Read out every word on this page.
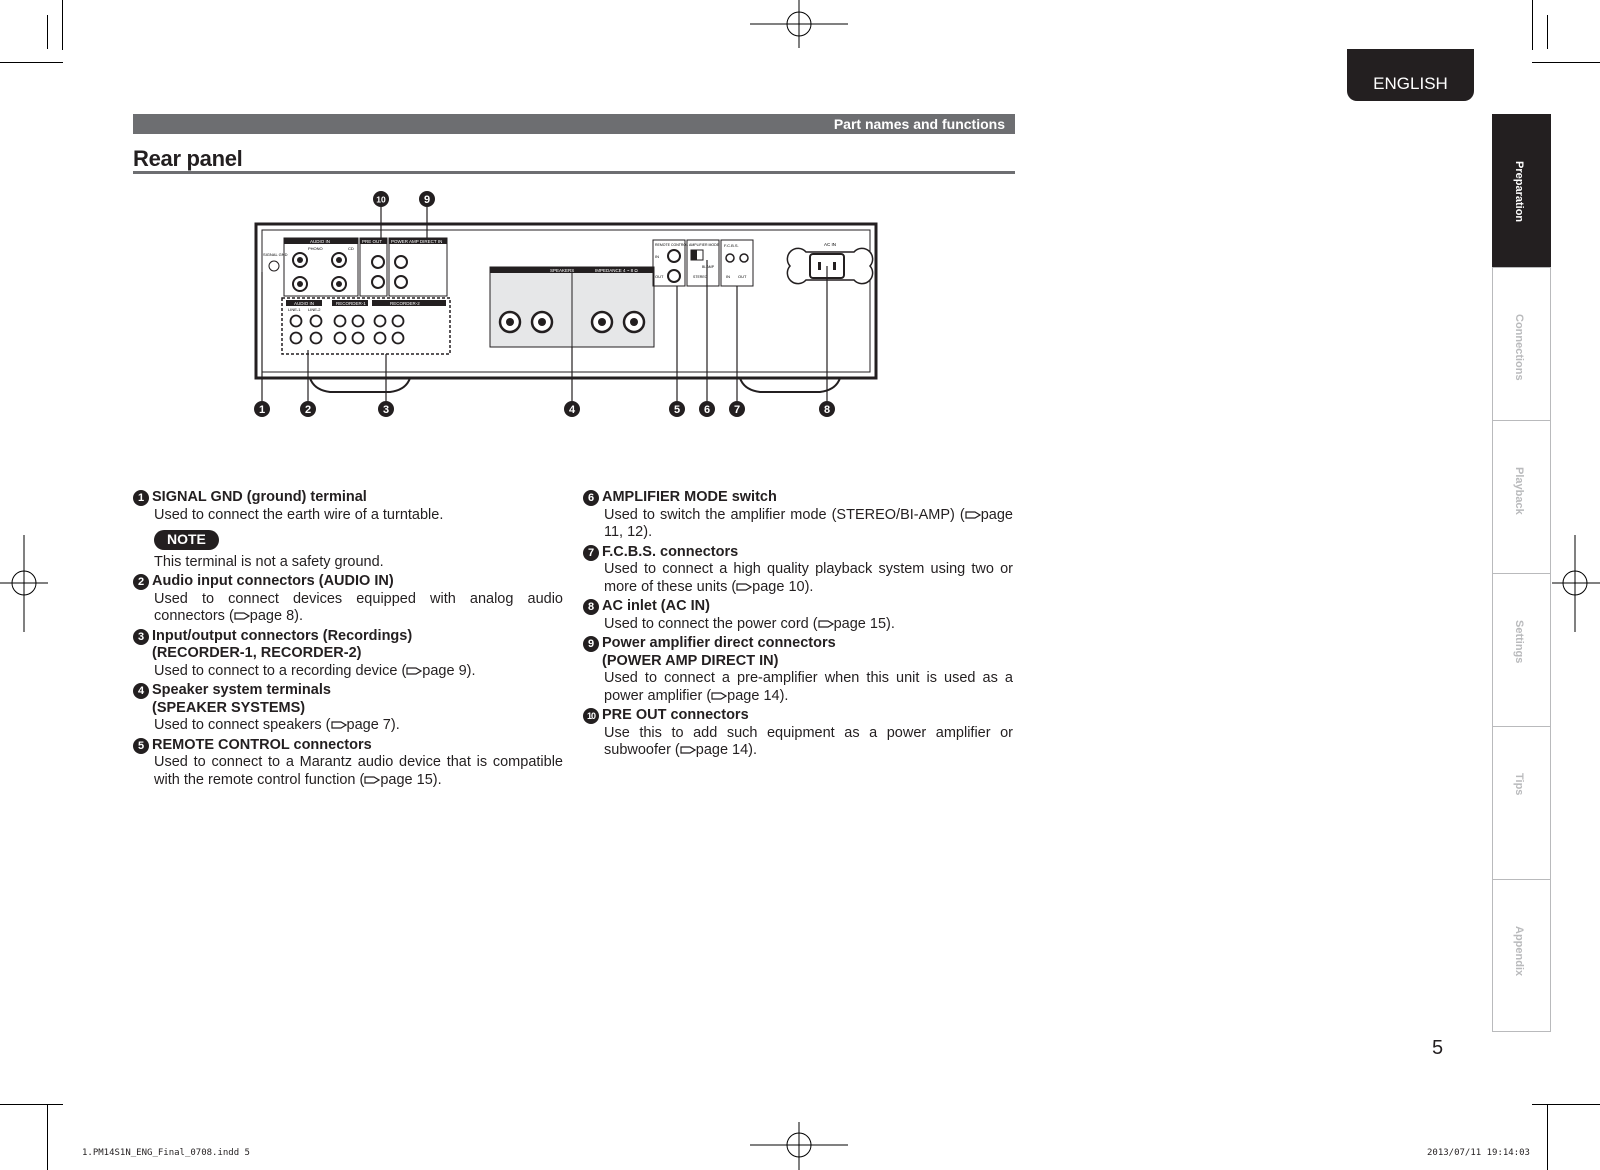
ENGLISH
Part names and functions
Rear panel
Preparation
Connections
Playback
Settings
Tips
Appendix
SIGNAL GND
AUDIO IN
PHONO	CD
PRE OUT POWER AMP DIRECT IN
AUDIO IN
LINE-1 LINE-2
RECORDER-1	RECORDER-2
SPEAKERS	IMPEDANCE 4 ~ 8 Ω
REMOTE CONTROL
IN
OUT
AMPLIFIER MODE
BI-AMP
STEREO
F.C.B.S.
IN OUT
AC IN
1	2	3	4	5 6 7	8
9
10
1 SIGNAL GND (ground) terminal
Used to connect the earth wire of a turntable.
NOTE
This terminal is not a safety ground.
2 Audio input connectors (AUDIO IN)
Used to connect devices equipped with analog audio connectors ( page 8).
3 Input/output connectors (Recordings)
(RECORDER-1, RECORDER-2)
Used to connect to a recording device ( page 9).
4 Speaker system terminals
(SPEAKER SYSTEMS)
Used to connect speakers ( page 7).
5 REMOTE CONTROL connectors
Used to connect to a Marantz audio device that is compatible with the remote control function ( page 15).
6 AMPLIFIER MODE switch
Used to switch the amplifier mode (STEREO/BI-AMP) ( page 11, 12).
7 F.C.B.S. connectors
Used to connect a high quality playback system using two or more of these units ( page 10).
8 AC inlet (AC IN)
Used to connect the power cord ( page 15).
9 Power amplifier direct connectors
(POWER AMP DIRECT IN)
Used to connect a pre-amplifier when this unit is used as a power amplifier ( page 14).
10 PRE OUT connectors
Use this to add such equipment as a power amplifier or subwoofer ( page 14).
5
1.PM14S1N_ENG_Final_0708.indd 5	2013/07/11 19:14:03
